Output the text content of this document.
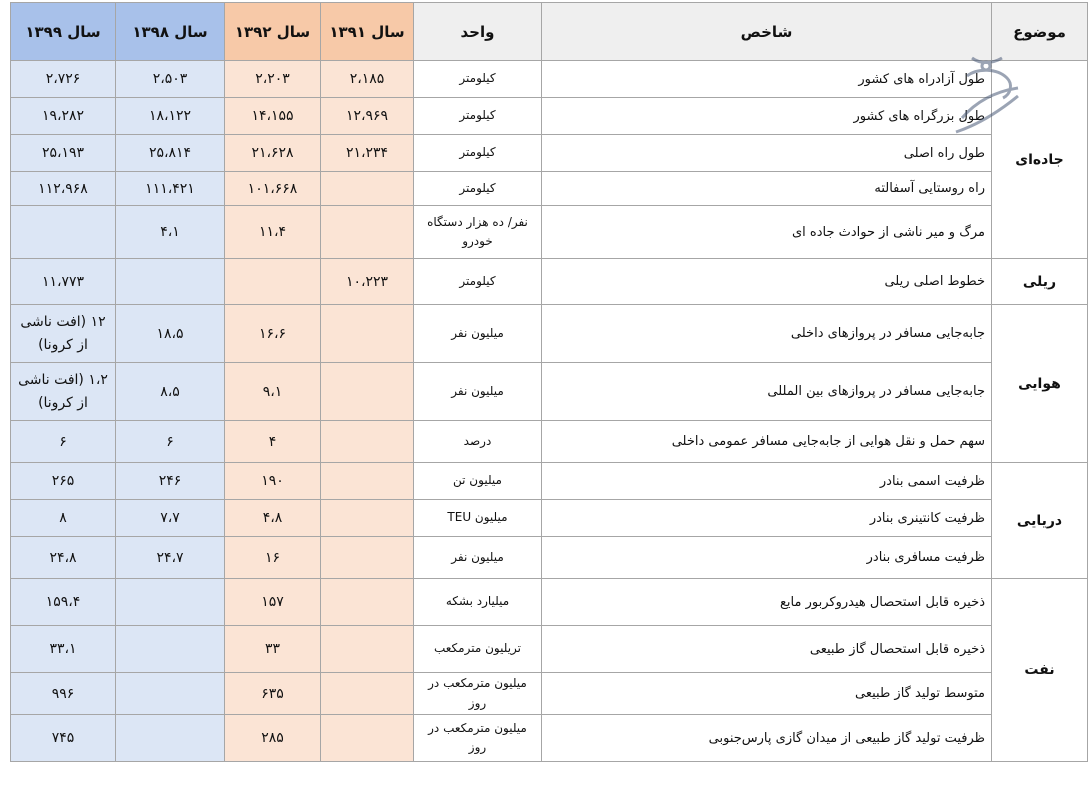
موضوع	شاخص	واحد	سال ۱۳۹۱	سال ۱۳۹۲	سال ۱۳۹۸	سال ۱۳۹۹
جاده‌ای	طول آزادراه های کشور	کیلومتر	۲،۱۸۵	۲،۲۰۳	۲،۵۰۳	۲،۷۲۶
	طول بزرگراه های کشور	کیلومتر	۱۲،۹۶۹	۱۴،۱۵۵	۱۸،۱۲۲	۱۹،۲۸۲
	طول راه اصلی	کیلومتر	۲۱،۲۳۴	۲۱،۶۲۸	۲۵،۸۱۴	۲۵،۱۹۳
	راه روستایی آسفالته	کیلومتر		۱۰۱،۶۶۸	۱۱۱،۴۲۱	۱۱۲،۹۶۸
	مرگ و میر ناشی از حوادث جاده ای	نفر/ ده هزار دستگاه خودرو		۱۱،۴	۴،۱	
ریلی	خطوط اصلی ریلی	کیلومتر	۱۰،۲۲۳			۱۱،۷۷۳
هوایی	جابه‌جایی مسافر در پروازهای داخلی	میلیون نفر		۱۶،۶	۱۸،۵	۱۲ (افت ناشی از کرونا)
	جابه‌جایی مسافر در پروازهای بین المللی	میلیون نفر		۹،۱	۸،۵	۱،۲ (افت ناشی از کرونا)
	سهم حمل و نقل هوایی از جابه‌جایی مسافر عمومی داخلی	درصد		۴	۶	۶
دریایی	ظرفیت اسمی بنادر	میلیون تن		۱۹۰	۲۴۶	۲۶۵
	ظرفیت کانتینری بنادر	میلیون TEU		۴،۸	۷،۷	۸
	ظرفیت مسافری بنادر	میلیون نفر		۱۶	۲۴،۷	۲۴،۸
نفت	ذخیره قابل استحصال هیدروکربور مایع	میلیارد بشکه		۱۵۷		۱۵۹،۴
	ذخیره قابل استحصال گاز طبیعی	تریلیون مترمکعب		۳۳		۳۳،۱
	متوسط تولید گاز طبیعی	میلیون مترمکعب در روز		۶۳۵		۹۹۶
	ظرفیت تولید گاز طبیعی از میدان گازی پارس‌جنوبی	میلیون مترمکعب در روز		۲۸۵		۷۴۵
